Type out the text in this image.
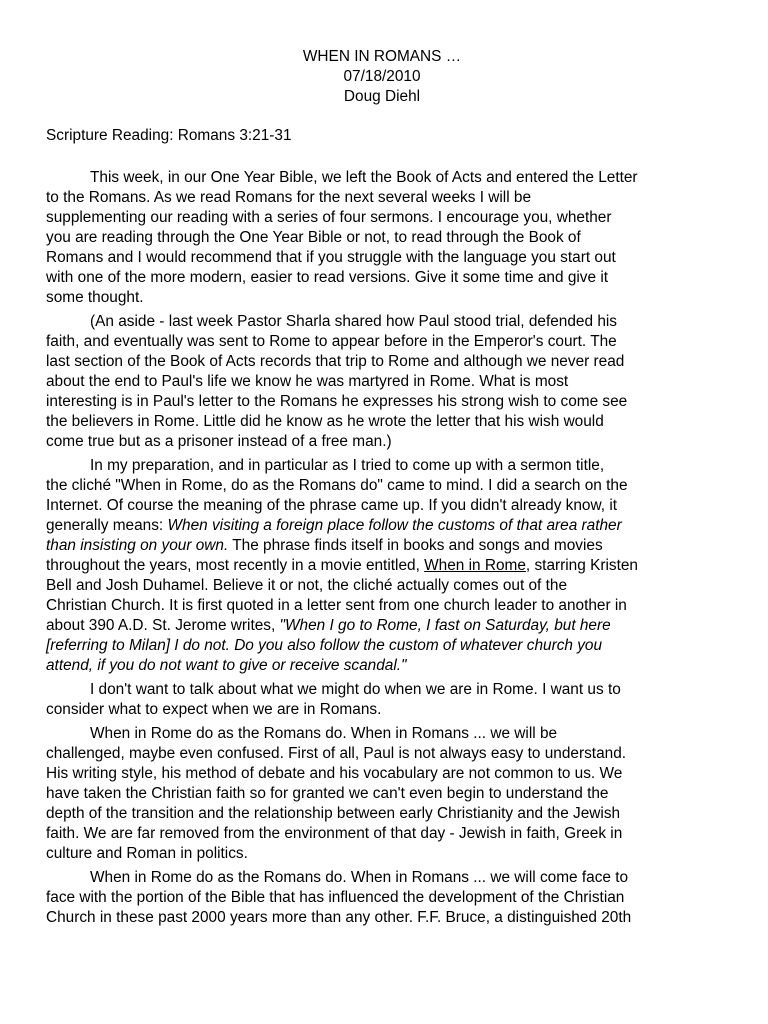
WHEN IN ROMANS …
07/18/2010
Doug Diehl
Scripture Reading: Romans 3:21-31
This week, in our One Year Bible, we left the Book of Acts and entered the Letter
to the Romans. As we read Romans for the next several weeks I will be
supplementing our reading with a series of four sermons. I encourage you, whether
you are reading through the One Year Bible or not, to read through the Book of
Romans and I would recommend that if you struggle with the language you start out
with one of the more modern, easier to read versions. Give it some time and give it
some thought.
(An aside - last week Pastor Sharla shared how Paul stood trial, defended his
faith, and eventually was sent to Rome to appear before in the Emperor's court. The
last section of the Book of Acts records that trip to Rome and although we never read
about the end to Paul's life we know he was martyred in Rome. What is most
interesting is in Paul's letter to the Romans he expresses his strong wish to come see
the believers in Rome. Little did he know as he wrote the letter that his wish would
come true but as a prisoner instead of a free man.)
In my preparation, and in particular as I tried to come up with a sermon title,
the cliché "When in Rome, do as the Romans do" came to mind. I did a search on the
Internet. Of course the meaning of the phrase came up. If you didn't already know, it
generally means: When visiting a foreign place follow the customs of that area rather
than insisting on your own. The phrase finds itself in books and songs and movies
throughout the years, most recently in a movie entitled, When in Rome, starring Kristen
Bell and Josh Duhamel. Believe it or not, the cliché actually comes out of the
Christian Church. It is first quoted in a letter sent from one church leader to another in
about 390 A.D. St. Jerome writes, "When I go to Rome, I fast on Saturday, but here
[referring to Milan] I do not. Do you also follow the custom of whatever church you
attend, if you do not want to give or receive scandal."
I don't want to talk about what we might do when we are in Rome. I want us to
consider what to expect when we are in Romans.
When in Rome do as the Romans do. When in Romans ... we will be
challenged, maybe even confused. First of all, Paul is not always easy to understand.
His writing style, his method of debate and his vocabulary are not common to us. We
have taken the Christian faith so for granted we can't even begin to understand the
depth of the transition and the relationship between early Christianity and the Jewish
faith. We are far removed from the environment of that day - Jewish in faith, Greek in
culture and Roman in politics.
When in Rome do as the Romans do. When in Romans ... we will come face to
face with the portion of the Bible that has influenced the development of the Christian
Church in these past 2000 years more than any other. F.F. Bruce, a distinguished 20th
